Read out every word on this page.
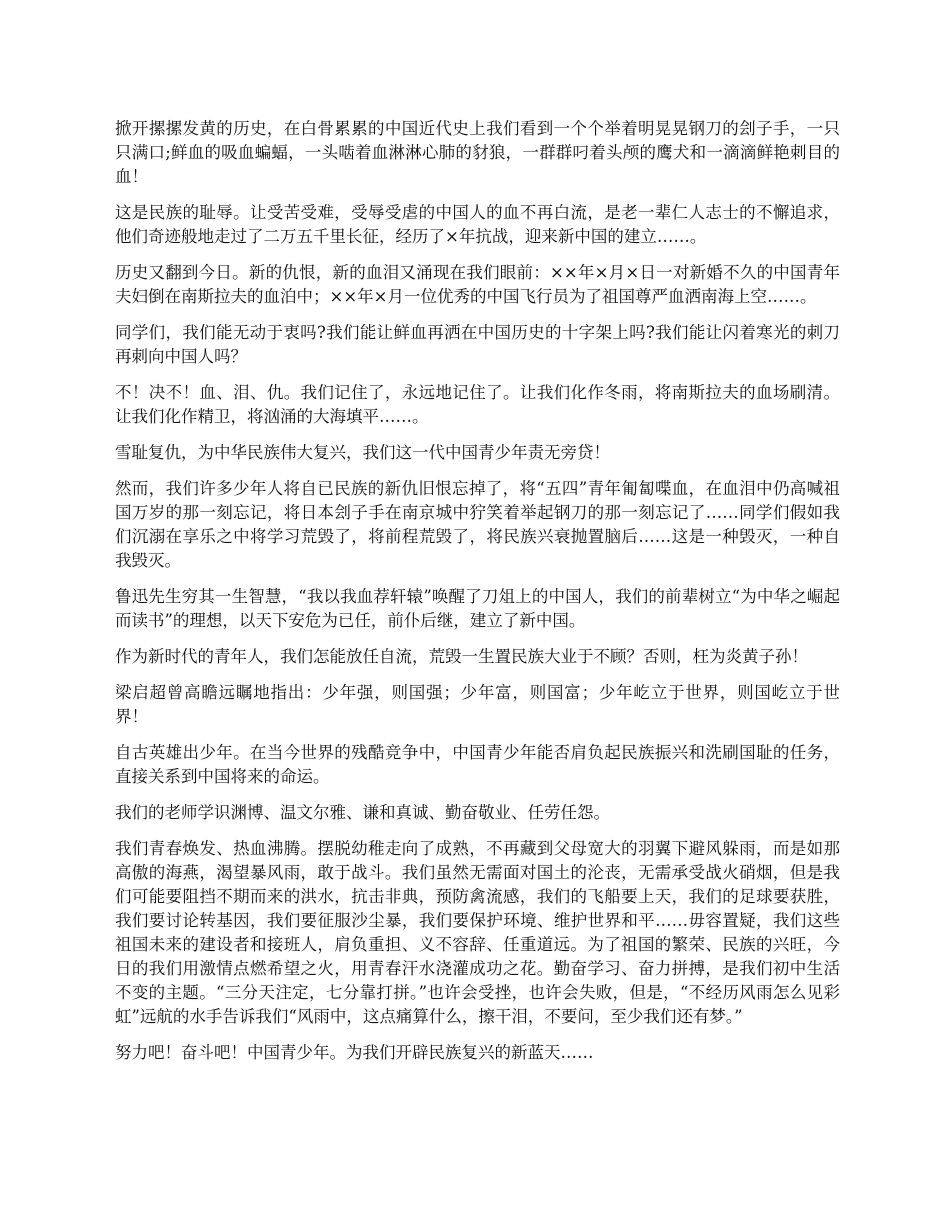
掀开摞摞发黄的历史，在白骨累累的中国近代史上我们看到一个个举着明晃晃钢刀的刽子手，一只只满口;鲜血的吸血蝙蝠，一头啮着血淋淋心肺的豺狼，一群群叼着头颅的鹰犬和一滴滴鲜艳刺目的血！

这是民族的耻辱。让受苦受难，受辱受虐的中国人的血不再白流，是老一辈仁人志士的不懈追求，他们奇迹般地走过了二万五千里长征，经历了×年抗战，迎来新中国的建立……。

历史又翻到今日。新的仇恨，新的血泪又涌现在我们眼前：××年×月×日一对新婚不久的中国青年夫妇倒在南斯拉夫的血泊中；××年×月一位优秀的中国飞行员为了祖国尊严血洒南海上空……。

同学们，我们能无动于衷吗?我们能让鲜血再洒在中国历史的十字架上吗?我们能让闪着寒光的刺刀再刺向中国人吗？

不！决不！血、泪、仇。我们记住了，永远地记住了。让我们化作冬雨，将南斯拉夫的血场刷清。让我们化作精卫，将汹涌的大海填平……。

雪耻复仇，为中华民族伟大复兴，我们这一代中国青少年责无旁贷！

然而，我们许多少年人将自已民族的新仇旧恨忘掉了，将“五四”青年匍匐喋血，在血泪中仍高喊祖国万岁的那一刻忘记，将日本刽子手在南京城中狞笑着举起钢刀的那一刻忘记了……同学们假如我们沉溺在享乐之中将学习荒毁了，将前程荒毁了，将民族兴衰抛置脑后……这是一种毁灭，一种自我毁灭。

鲁迅先生穷其一生智慧，“我以我血荐轩辕”唤醒了刀俎上的中国人，我们的前辈树立“为中华之崛起而读书”的理想，以天下安危为已任，前仆后继，建立了新中国。

作为新时代的青年人，我们怎能放任自流，荒毁一生置民族大业于不顾？否则，枉为炎黄子孙！

梁启超曾高瞻远瞩地指出：少年强，则国强；少年富，则国富；少年屹立于世界，则国屹立于世界！

自古英雄出少年。在当今世界的残酷竞争中，中国青少年能否肩负起民族振兴和洗刷国耻的任务，直接关系到中国将来的命运。

我们的老师学识渊博、温文尔雅、谦和真诚、勤奋敬业、任劳任怨。

我们青春焕发、热血沸腾。摆脱幼稚走向了成熟，不再藏到父母宽大的羽翼下避风躲雨，而是如那高傲的海燕，渴望暴风雨，敢于战斗。我们虽然无需面对国土的沦丧，无需承受战火硝烟，但是我们可能要阻挡不期而来的洪水，抗击非典，预防禽流感，我们的飞船要上天，我们的足球要获胜，我们要讨论转基因，我们要征服沙尘暴，我们要保护环境、维护世界和平……毋容置疑，我们这些祖国未来的建设者和接班人，肩负重担、义不容辞、任重道远。为了祖国的繁荣、民族的兴旺，今日的我们用激情点燃希望之火，用青春汗水浇灌成功之花。勤奋学习、奋力拼搏，是我们初中生活不变的主题。“三分天注定，七分靠打拼。”也许会受挫，也许会失败，但是，“不经历风雨怎么见彩虹”远航的水手告诉我们“风雨中，这点痛算什么，擦干泪，不要问，至少我们还有梦。”

努力吧！奋斗吧！中国青少年。为我们开辟民族复兴的新蓝天……
